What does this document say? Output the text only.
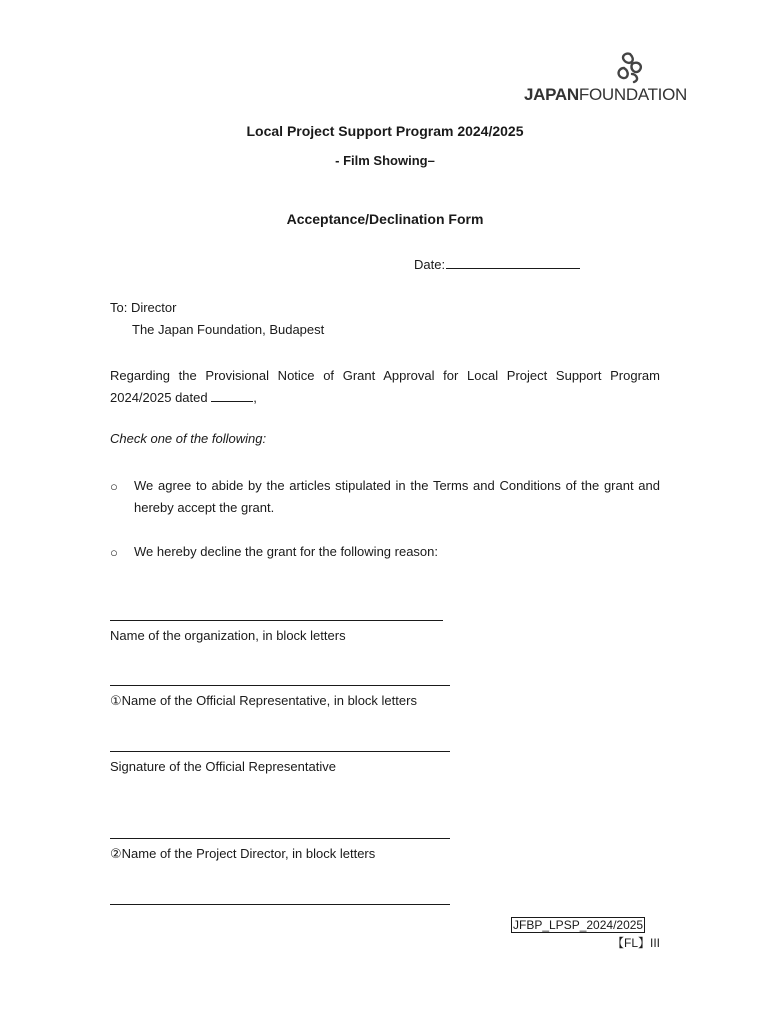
JAPANFOUNDATION
Local Project Support Program 2024/2025
- Film Showing–
Acceptance/Declination Form
Date:
To: Director
The Japan Foundation, Budapest
Regarding the Provisional Notice of Grant Approval for Local Project Support Program 2024/2025 dated	,
Check one of the following:
○ We agree to abide by the articles stipulated in the Terms and Conditions of the grant and hereby accept the grant.
○ We hereby decline the grant for the following reason:
Name of the organization, in block letters
①Name of the Official Representative, in block letters
Signature of the Official Representative
②Name of the Project Director, in block letters
JFBP_LPSP_2024/2025
【FL】III
